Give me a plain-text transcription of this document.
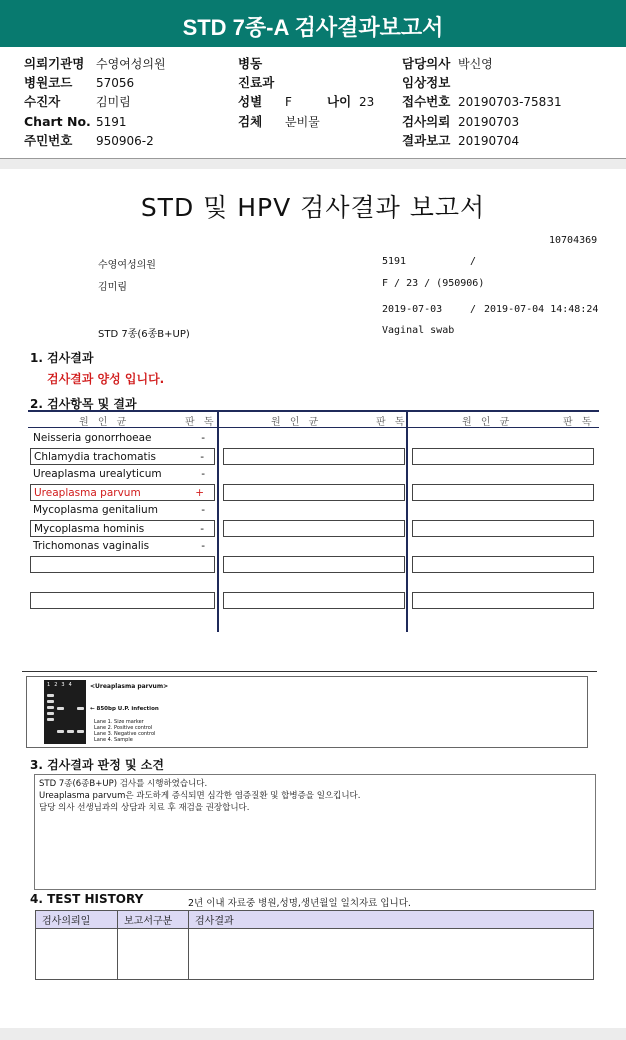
STD 7종-A 검사결과보고서
의뢰기관명 수영여성의원	병동	담당의사 박신영
병원코드 57056	진료과	임상정보
수진자	김미림	성별 F	나이 23 접수번호 20190703-75831
Chart No. 5191	검체 분비물	검사의뢰 20190703
주민번호 950906-2	결과보고 20190704
STD 및 HPV 검사결과 보고서
10704369
수영여성의원	5191	/
김미림	F / 23 / (950906)
2019-07-03	/ 2019-07-04 14:48:24
STD 7종(6종B+UP)	Vaginal swab
1. 검사결과
검사결과 양성 입니다.
2. 검사항목 및 결과
원 인 균	판 독	원 인 균	판 독	원 인 균	판 독
Neisseria gonorrhoeae	-
Chlamydia trachomatis	-
Ureaplasma urealyticum	-
Ureaplasma parvum	+
Mycoplasma genitalium	-
Mycoplasma hominis	-
Trichomonas vaginalis	-
1234	<Ureaplasma parvum>
← 850bp U.P. infection
Lane 1. Size marker
Lane 2. Positive control
Lane 3. Negative control
Lane 4. Sample
3. 검사결과 판정 및 소견
STD 7종(6종B+UP) 검사를 시행하였습니다.
Ureaplasma parvum은 과도하게 증식되면 심각한 염증질환 및 합병증을 일으킵니다.
담당 의사 선생님과의 상담과 치료 후 재검을 권장합니다.
4. TEST HISTORY	2년 이내 자료중 병원,성명,생년월일 일치자료 입니다.
검사의뢰일	보고서구분	검사결과
